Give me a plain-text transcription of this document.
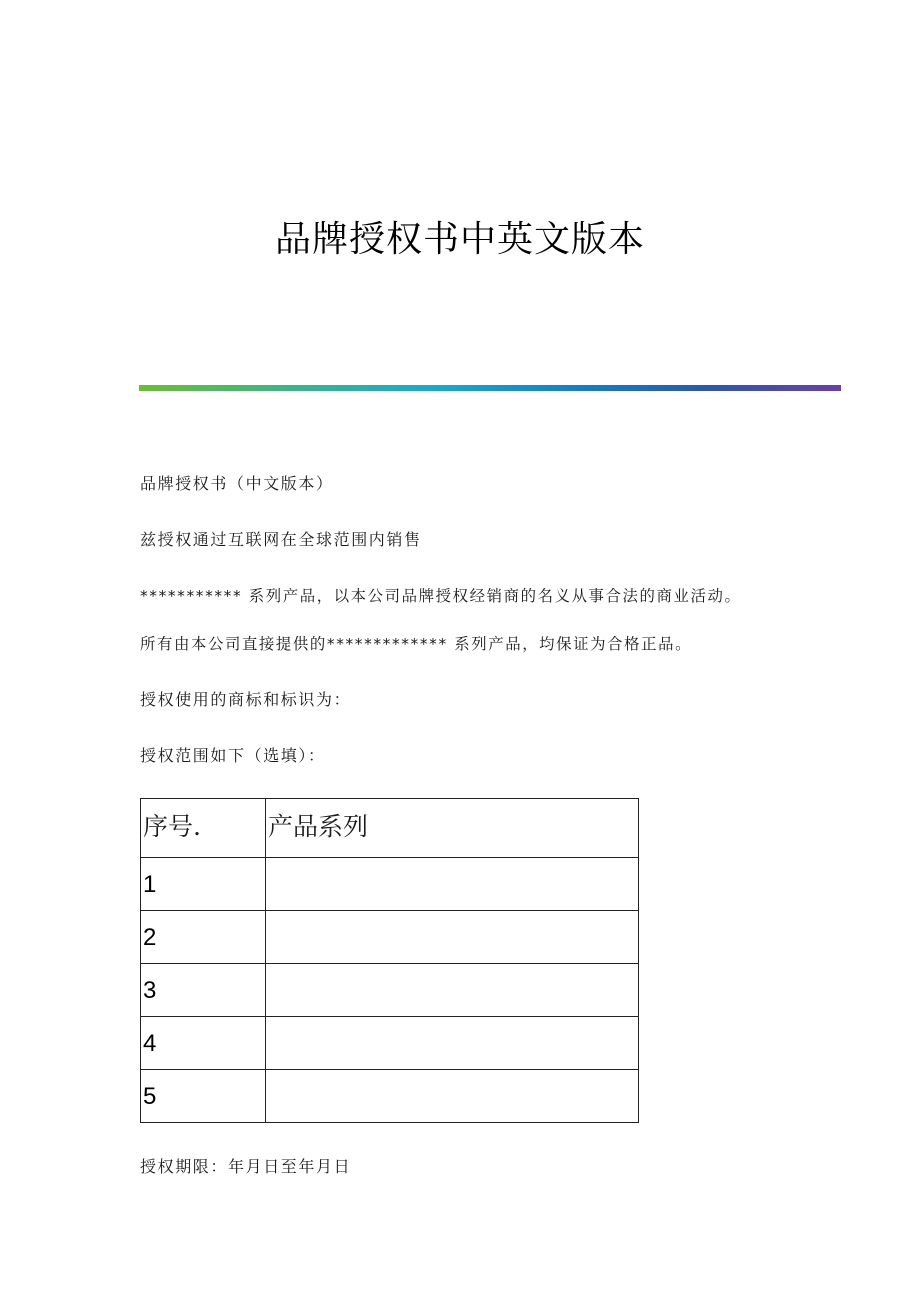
品牌授权书中英文版本
品牌授权书（中文版本）
兹授权通过互联网在全球范围内销售
*********** 系列产品，以本公司品牌授权经销商的名义从事合法的商业活动。
所有由本公司直接提供的************* 系列产品，均保证为合格正品。
授权使用的商标和标识为：
授权范围如下（选填）：
序号.	产品系列
1	
2	
3	
4	
5	
授权期限：年月日至年月日
